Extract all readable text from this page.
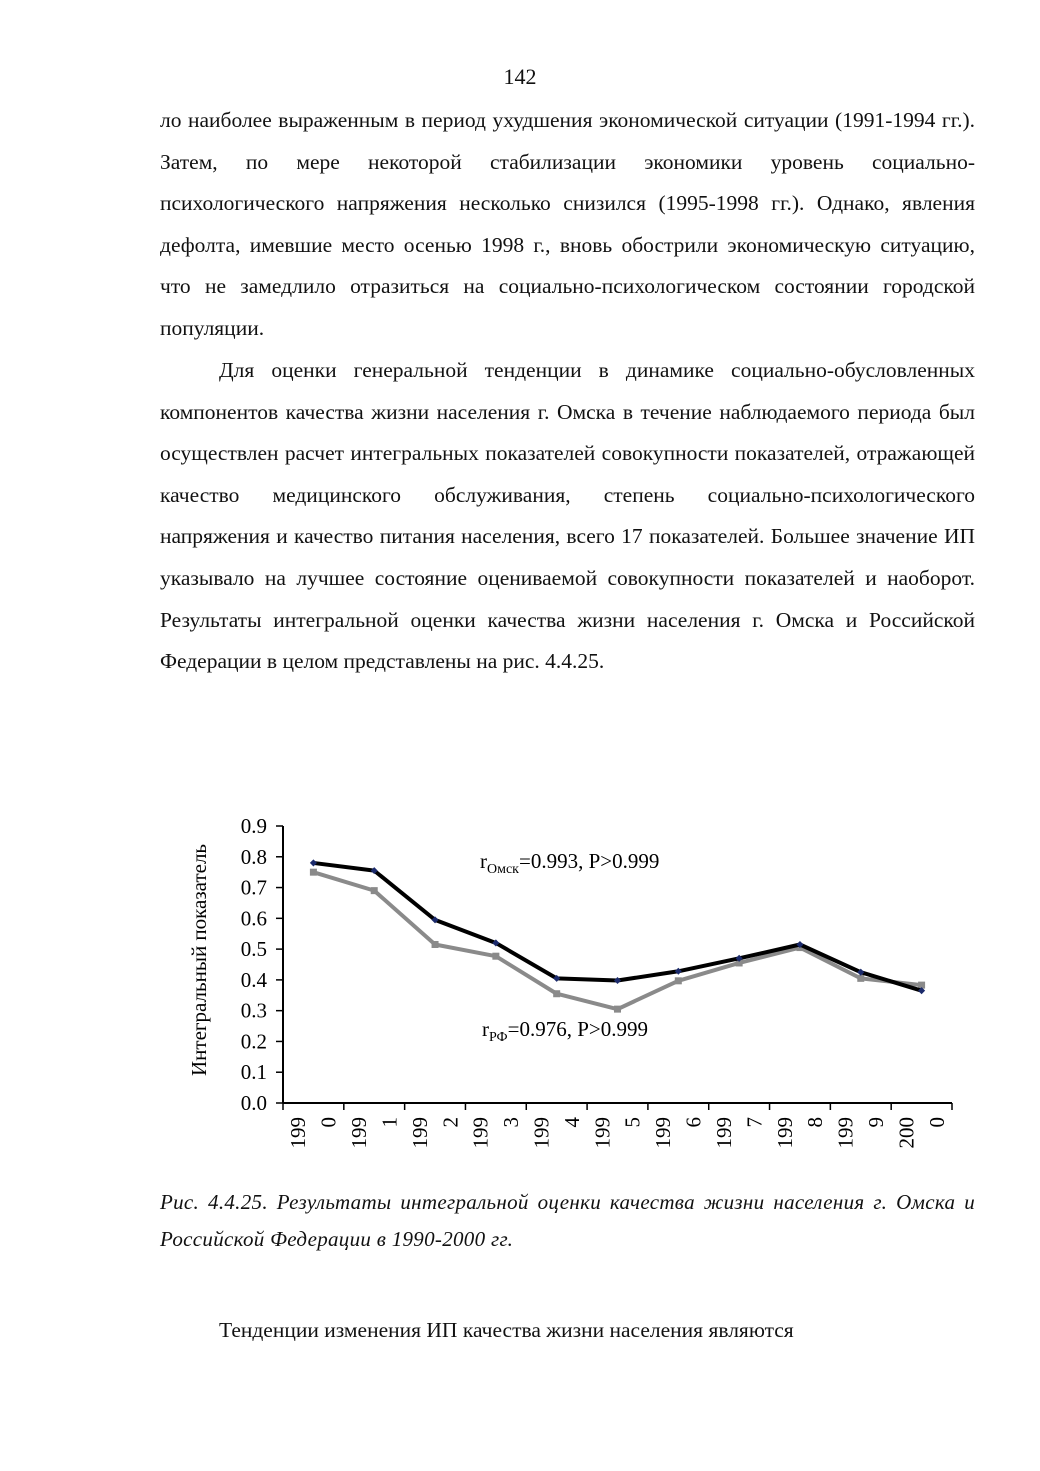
142

ло наиболее выраженным в период ухудшения экономической ситуации (1991-1994 гг.). Затем, по мере некоторой стабилизации экономики уровень социально-психологического напряжения несколько снизился (1995-1998 гг.). Однако, явления дефолта, имевшие место осенью 1998 г., вновь обострили экономическую ситуацию, что не замедлило отразиться на социально-психологическом состоянии городской популяции.

Для оценки генеральной тенденции в динамике социально-обусловленных компонентов качества жизни населения г. Омска в течение наблюдаемого периода был осуществлен расчет интегральных показателей совокупности показателей, отражающей качество медицинского обслуживания, степень социально-психологического напряжения и качество питания населения, всего 17 показателей. Большее значение ИП указывало на лучшее состояние оцениваемой совокупности показателей и наоборот. Результаты интегральной оценки качества жизни населения г. Омска и Российской Федерации в целом представлены на рис. 4.4.25.

0.0
0.1
0.2
0.3
0.4
0.5
0.6
0.7
0.8
0.9
199 0 199 1 199 2 199 3 199 4 199 5 199 6 199 7 199 8 199 9 200 0
Интегральный показатель	$r_{Омск}=0.993$, P>0.999
$r_{РФ}=0.976$, P>0.999
Рис. 4.4.25. Результаты интегральной оценки качества жизни населения г. Омска и Российской Федерации в 1990-2000 гг.

Тенденции изменения ИП качества жизни населения являются
